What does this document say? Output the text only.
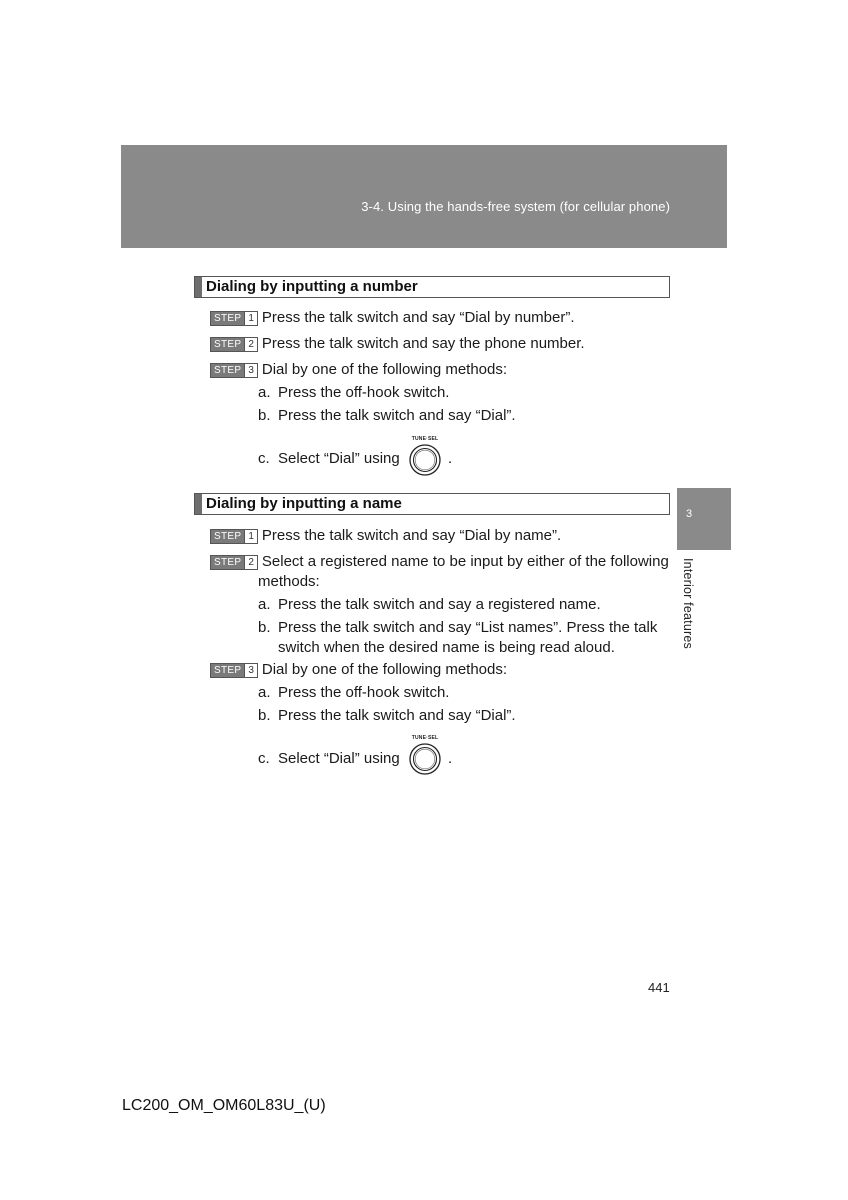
3-4. Using the hands-free system (for cellular phone)
Dialing by inputting a number
STEP 1 Press the talk switch and say “Dial by number”.
STEP 2 Press the talk switch and say the phone number.
STEP 3 Dial by one of the following methods:
a. Press the off-hook switch.
b. Press the talk switch and say “Dial”.
c. Select “Dial” using
TUNE·SEL
.
Dialing by inputting a name
STEP 1 Press the talk switch and say “Dial by name”.
STEP 2 Select a registered name to be input by either of the following
methods:
a. Press the talk switch and say a registered name.
b. Press the talk switch and say “List names”. Press the talk
switch when the desired name is being read aloud.
STEP 3 Dial by one of the following methods:
a. Press the off-hook switch.
b. Press the talk switch and say “Dial”.
c. Select “Dial” using
TUNE·SEL
.
3
Interior features
441
LC200_OM_OM60L83U_(U)
